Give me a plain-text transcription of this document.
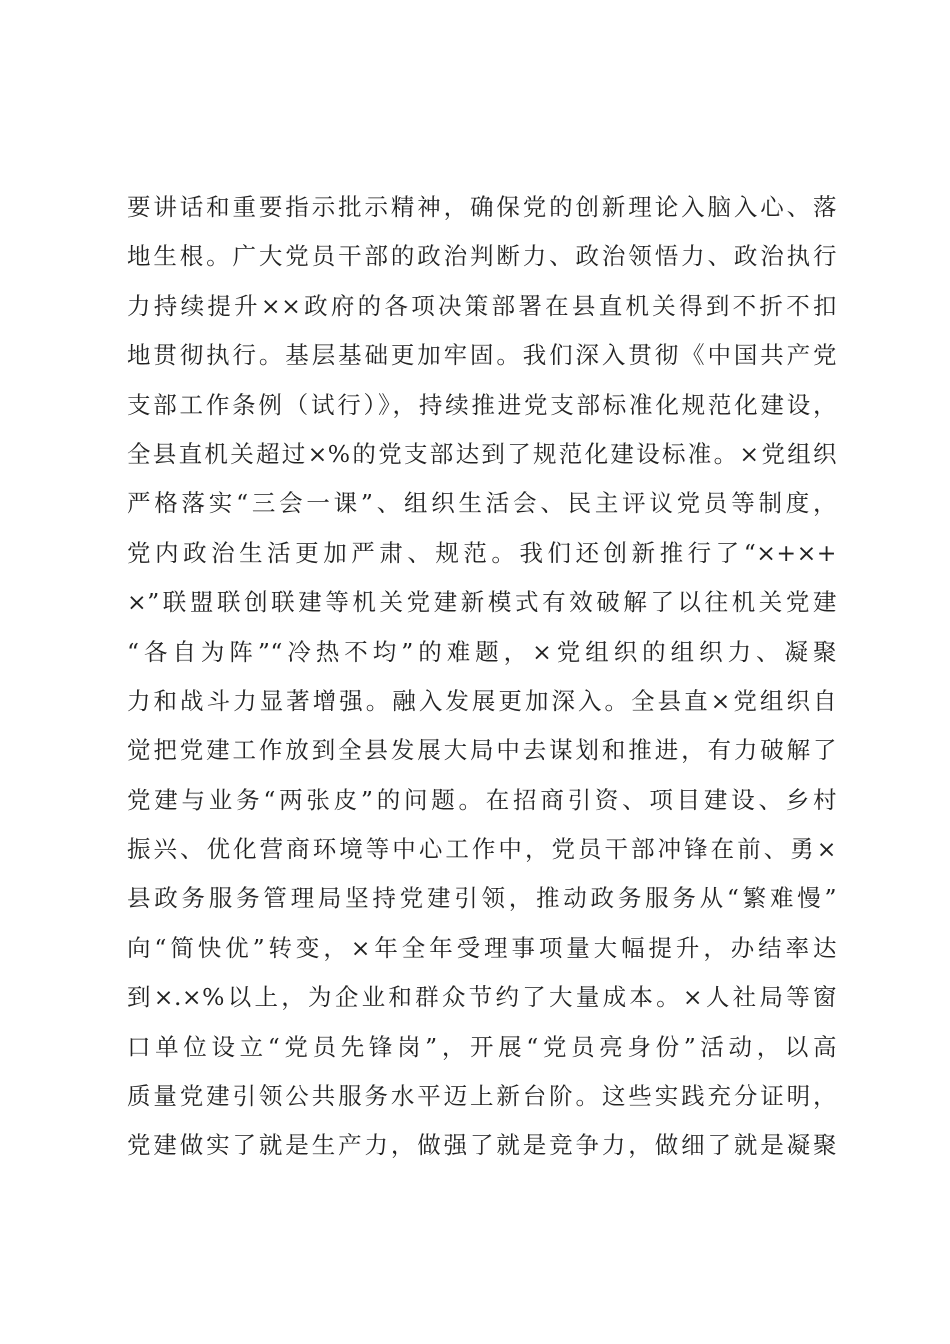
要讲话和重要指示批示精神，确保党的创新理论入脑入心、落
地生根。广大党员干部的政治判断力、政治领悟力、政治执行
力持续提升××政府的各项决策部署在县直机关得到不折不扣
地贯彻执行。基层基础更加牢固。我们深入贯彻《中国共产党
支部工作条例（试行）》，持续推进党支部标准化规范化建设，
全县直机关超过×%的党支部达到了规范化建设标准。×党组织
严格落实“三会一课”、组织生活会、民主评议党员等制度，
党内政治生活更加严肃、规范。我们还创新推行了“×+×+
×”联盟联创联建等机关党建新模式有效破解了以往机关党建
“各自为阵”“冷热不均”的难题，×党组织的组织力、凝聚
力和战斗力显著增强。融入发展更加深入。全县直×党组织自
觉把党建工作放到全县发展大局中去谋划和推进，有力破解了
党建与业务“两张皮”的问题。在招商引资、项目建设、乡村
振兴、优化营商环境等中心工作中，党员干部冲锋在前、勇×
县政务服务管理局坚持党建引领，推动政务服务从“繁难慢”
向“简快优”转变，×年全年受理事项量大幅提升，办结率达
到×.×%以上，为企业和群众节约了大量成本。×人社局等窗
口单位设立“党员先锋岗”，开展“党员亮身份”活动，以高
质量党建引领公共服务水平迈上新台阶。这些实践充分证明，
党建做实了就是生产力，做强了就是竞争力，做细了就是凝聚
